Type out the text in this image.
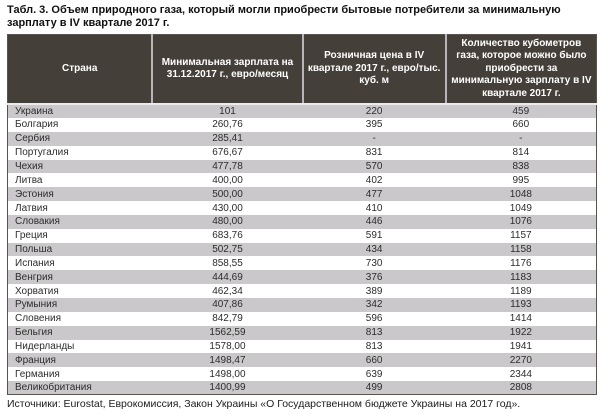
Табл. 3. Объем природного газа, который могли приобрести бытовые потребители за минимальную зарплату в IV квартале 2017 г.
Страна	Минимальная зарплата на 31.12.2017 г., евро/месяц	Розничная цена в IV квартале 2017 г., евро/тыс. куб. м	Количество кубометров газа, которое можно было приобрести за минимальную зарплату в IV квартале 2017 г.
Украина	101	220	459
Болгария	260,76	395	660
Сербия	285,41	-	-
Португалия	676,67	831	814
Чехия	477,78	570	838
Литва	400,00	402	995
Эстония	500,00	477	1048
Латвия	430,00	410	1049
Словакия	480,00	446	1076
Греция	683,76	591	1157
Польша	502,75	434	1158
Испания	858,55	730	1176
Венгрия	444,69	376	1183
Хорватия	462,34	389	1189
Румыния	407,86	342	1193
Словения	842,79	596	1414
Бельгия	1562,59	813	1922
Нидерланды	1578,00	813	1941
Франция	1498,47	660	2270
Германия	1498,00	639	2344
Великобритания	1400,99	499	2808
Источники: Eurostat, Еврокомиссия, Закон Украины «О Государственном бюджете Украины на 2017 год».
